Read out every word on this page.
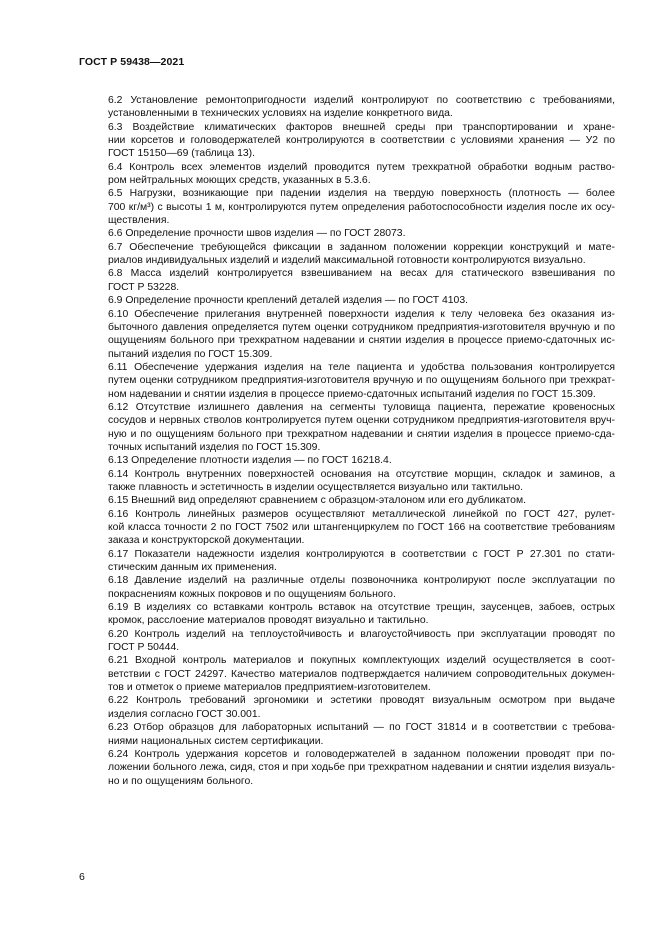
ГОСТ Р 59438—2021
6.2 Установление ремонтопригодности изделий контролируют по соответствию с требованиями,
установленными в технических условиях на изделие конкретного вида.
6.3 Воздействие климатических факторов внешней среды при транспортировании и хране-
нии корсетов и головодержателей контролируются в соответствии с условиями хранения — У2 по
ГОСТ 15150—69 (таблица 13).
6.4 Контроль всех элементов изделий проводится путем трехкратной обработки водным раство-
ром нейтральных моющих средств, указанных в 5.3.6.
6.5 Нагрузки, возникающие при падении изделия на твердую поверхность (плотность — более
700 кг/м³) с высоты 1 м, контролируются путем определения работоспособности изделия после их осу-
ществления.
6.6 Определение прочности швов изделия — по ГОСТ 28073.
6.7 Обеспечение требующейся фиксации в заданном положении коррекции конструкций и мате-
риалов индивидуальных изделий и изделий максимальной готовности контролируются визуально.
6.8 Масса изделий контролируется взвешиванием на весах для статического взвешивания по
ГОСТ Р 53228.
6.9 Определение прочности креплений деталей изделия — по ГОСТ 4103.
6.10 Обеспечение прилегания внутренней поверхности изделия к телу человека без оказания из-
быточного давления определяется путем оценки сотрудником предприятия-изготовителя вручную и по
ощущениям больного при трехкратном надевании и снятии изделия в процессе приемо-сдаточных ис-
пытаний изделия по ГОСТ 15.309.
6.11 Обеспечение удержания изделия на теле пациента и удобства пользования контролируется
путем оценки сотрудником предприятия-изготовителя вручную и по ощущениям больного при трехкрат-
ном надевании и снятии изделия в процессе приемо-сдаточных испытаний изделия по ГОСТ 15.309.
6.12 Отсутствие излишнего давления на сегменты туловища пациента, пережатие кровеносных
сосудов и нервных стволов контролируется путем оценки сотрудником предприятия-изготовителя вруч-
ную и по ощущениям больного при трехкратном надевании и снятии изделия в процессе приемо-сда-
точных испытаний изделия по ГОСТ 15.309.
6.13 Определение плотности изделия — по ГОСТ 16218.4.
6.14 Контроль внутренних поверхностей основания на отсутствие морщин, складок и заминов, а
также плавность и эстетичность в изделии осуществляется визуально или тактильно.
6.15 Внешний вид определяют сравнением с образцом-эталоном или его дубликатом.
6.16 Контроль линейных размеров осуществляют металлической линейкой по ГОСТ 427, рулет-
кой класса точности 2 по ГОСТ 7502 или штангенциркулем по ГОСТ 166 на соответствие требованиям
заказа и конструкторской документации.
6.17 Показатели надежности изделия контролируются в соответствии с ГОСТ Р 27.301 по стати-
стическим данным их применения.
6.18 Давление изделий на различные отделы позвоночника контролируют после эксплуатации по
покраснениям кожных покровов и по ощущениям больного.
6.19 В изделиях со вставками контроль вставок на отсутствие трещин, заусенцев, забоев, острых
кромок, расслоение материалов проводят визуально и тактильно.
6.20 Контроль изделий на теплоустойчивость и влагоустойчивость при эксплуатации проводят по
ГОСТ Р 50444.
6.21 Входной контроль материалов и покупных комплектующих изделий осуществляется в соот-
ветствии с ГОСТ 24297. Качество материалов подтверждается наличием сопроводительных докумен-
тов и отметок о приеме материалов предприятием-изготовителем.
6.22 Контроль требований эргономики и эстетики проводят визуальным осмотром при выдаче
изделия согласно ГОСТ 30.001.
6.23 Отбор образцов для лабораторных испытаний — по ГОСТ 31814 и в соответствии с требова-
ниями национальных систем сертификации.
6.24 Контроль удержания корсетов и головодержателей в заданном положении проводят при по-
ложении больного лежа, сидя, стоя и при ходьбе при трехкратном надевании и снятии изделия визуаль-
но и по ощущениям больного.
6
